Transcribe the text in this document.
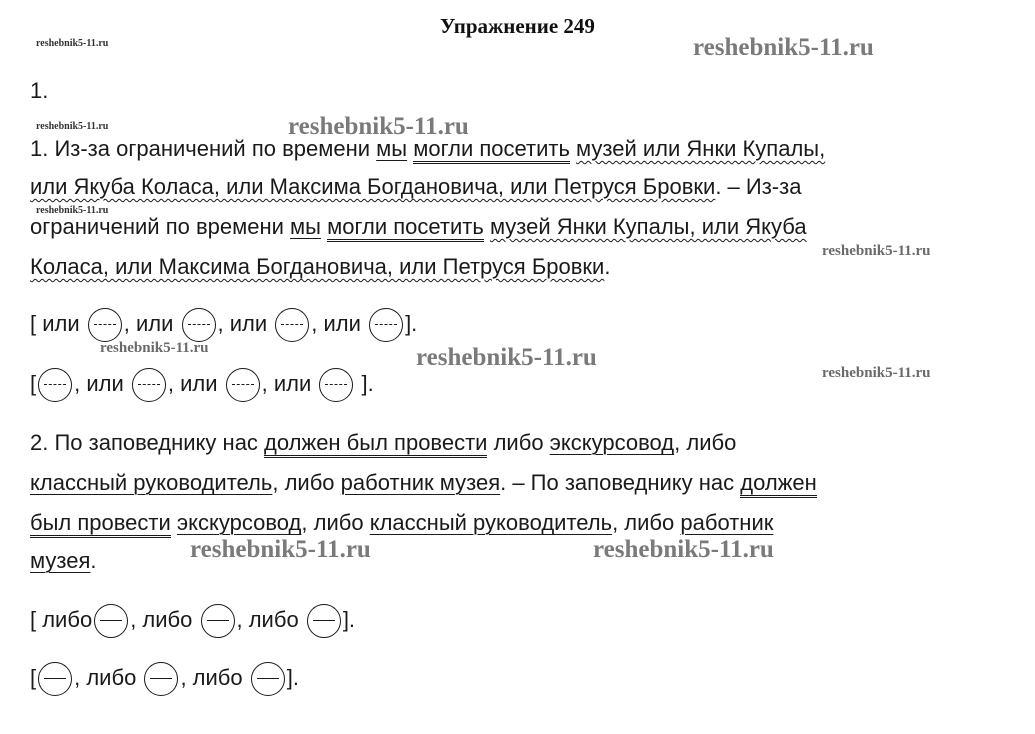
reshebnik5-11.ru	reshebnik5-11.ru
reshebnik5-11.ru	reshebnik5-11.ru
reshebnik5-11.ru
reshebnik5-11.ru
reshebnik5-11.ru	reshebnik5-11.ru
reshebnik5-11.ru
reshebnik5-11.ru	reshebnik5-11.ru
Упражнение 249
1.
1. Из-за ограничений по времени мы могли посетить музей или Янки Купалы,
или Якуба Коласа, или Максима Богдановича, или Петруся Бровки. – Из-за
ограничений по времени мы могли посетить музей Янки Купалы, или Якуба
Коласа, или Максима Богдановича, или Петруся Бровки.
[ или , или , или , или ].
[ , или , или , или
].
2. По заповеднику нас должен был провести либо экскурсовод, либо
классный руководитель, либо работник музея. – По заповеднику нас должен
был провести экскурсовод, либо классный руководитель, либо работник
музея.
[ либо , либо , либо ].
[ , либо , либо ].
